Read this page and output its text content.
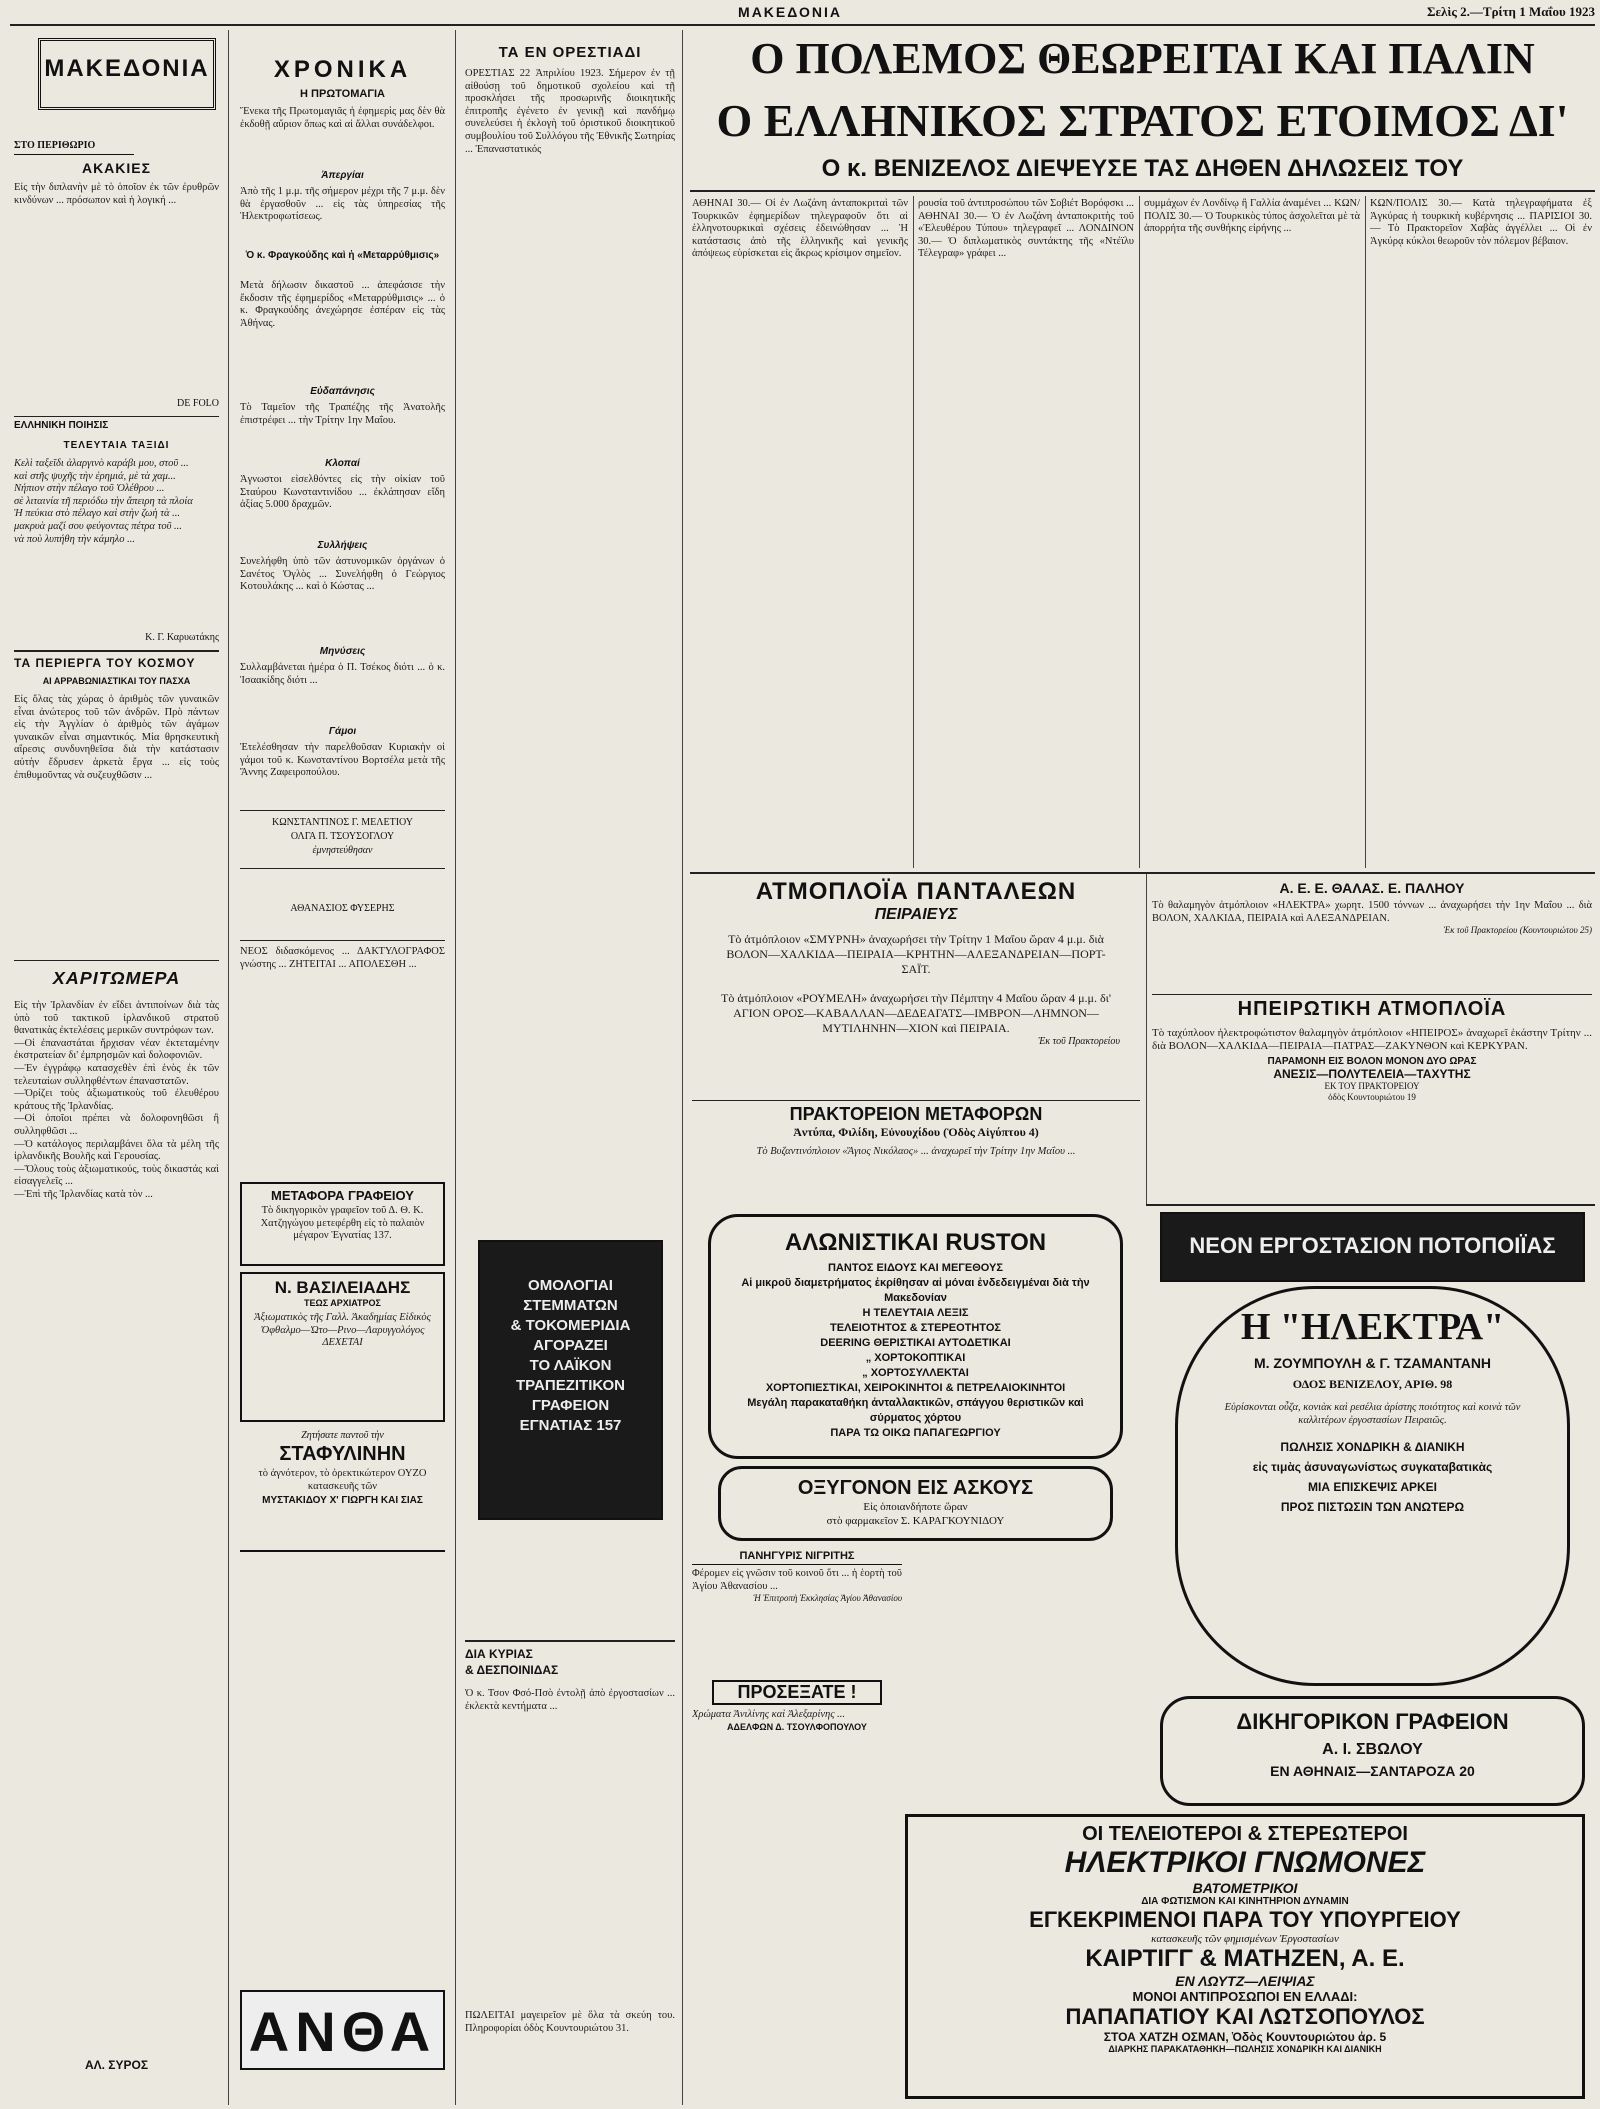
ΜΑΚΕΔΟΝΙΑ	Σελὶς 2.—Τρίτη 1 Μαΐου 1923
ΜΑΚΕΔΟΝΙΑ
ΣΤΟ ΠΕΡΙΘΩΡΙΟ
ΑΚΑΚΙΕΣ
Εἰς τὴν διπλανὴν μὲ τὸ ὁποῖον ἐκ τῶν ἐρυθρῶν κινδύνων ... πρόσωπον καὶ ἡ λογική ...
DE FOLO
ΕΛΛΗΝΙΚΗ ΠΟΙΗΣΙΣ
ΤΕΛΕΥΤΑΙΑ ΤΑΞΙΔΙ
Κελὶ ταξεῖδι ἀλαργινὸ καράβι μου, στοῦ ...
καὶ στῆς ψυχῆς τὴν ἐρημιά, μὲ τὰ χαμ...
Νήπιον στὴν πέλαγο τοῦ Ὁλέθρου ...
σὲ λιταινία τῆ περιόδω τὴν ἄπειρη τὰ πλοία
Ἡ πεύκια στὸ πέλαγο καὶ στὴν ζωὴ τὰ ...
μακρυὰ μαζί σου φεύγοντας πέτρα τοῦ ...
νὰ ποὺ λυπήθη τὴν κάμηλο ...
Κ. Γ. Καρυωτάκης
ΤΑ ΠΕΡΙΕΡΓΑ ΤΟΥ ΚΟΣΜΟΥ
ΑΙ ΑΡΡΑΒΩΝΙΑΣΤΙΚΑΙ ΤΟΥ ΠΑΣΧΑ
Εἰς ὅλας τὰς χώρας ὁ ἀριθμὸς τῶν γυναικῶν εἶναι ἀνώτερος τοῦ τῶν ἀνδρῶν. Πρὸ πάντων εἰς τὴν Ἀγγλίαν ὁ ἀριθμὸς τῶν ἀγάμων γυναικῶν εἶναι σημαντικός. Μία θρησκευτικὴ αἵρεσις συνδυνηθεῖσα διὰ τὴν κατάστασιν αὐτὴν ἔδρυσεν ἀρκετὰ ἔργα ... εἰς τοὺς ἐπιθυμοῦντας νὰ συζευχθῶσιν ...
ΧΑΡΙΤΩΜΕΡΑ
Εἰς τὴν Ἰρλανδίαν ἐν εἴδει ἀντιποίνων διὰ τὰς ὑπὸ τοῦ τακτικοῦ ἰρλανδικοῦ στρατοῦ θανατικὰς ἐκτελέσεις μερικῶν συντρόφων των.
—Οἱ ἐπαναστάται ἤρχισαν νέαν ἐκτεταμένην ἐκστρατείαν δι' ἐμπρησμῶν καὶ δολοφονιῶν.
—Ἐν ἐγγράφῳ κατασχεθὲν ἐπὶ ἑνὸς ἐκ τῶν τελευταίων συλληφθέντων ἐπαναστατῶν.
—Ὀρίζει τοὺς ἀξιωματικοὺς τοῦ ἐλευθέρου κράτους τῆς Ἰρλανδίας.
—Οἱ ὁποῖοι πρέπει νὰ δολοφονηθῶσι ἢ συλληφθῶσι ...
—Ὁ κατάλογος περιλαμβάνει ὅλα τὰ μέλη τῆς ἰρλανδικῆς Βουλῆς καὶ Γερουσίας.
—Ὅλους τοὺς ἀξιωματικούς, τοὺς δικαστάς καὶ εἰσαγγελεῖς ...
—Ἐπὶ τῆς Ἰρλανδίας κατὰ τὸν ...
ΑΛ. ΣΥΡΟΣ
ΧΡΟΝΙΚΑ
Η ΠΡΩΤΟΜΑΓΙΑ
Ἕνεκα τῆς Πρωτομαγιᾶς ἡ ἐφημερὶς μας δὲν θὰ ἐκδοθῇ αὔριον ὅπως καὶ αἱ ἄλλαι συνάδελφοι.
Ἀπεργίαι
Ἀπὸ τῆς 1 μ.μ. τῆς σήμερον μέχρι τῆς 7 μ.μ. δὲν θὰ ἐργασθοῦν ... εἰς τὰς ὑπηρεσίας τῆς Ἡλεκτροφωτίσεως.
Ὁ κ. Φραγκούδης καὶ ἡ «Μεταρρύθμισις»
Μετὰ δήλωσιν δικαστοῦ ... ἀπεφάσισε τὴν ἔκδοσιν τῆς ἐφημερίδος «Μεταρρύθμισις» ... ὁ κ. Φραγκούδης ἀνεχώρησε ἐσπέραν εἰς τὰς Ἀθήνας.
Εὐδαπάνησις
Τὸ Ταμεῖον τῆς Τραπέζης τῆς Ἀνατολῆς ἐπιστρέφει ... τὴν Τρίτην 1ην Μαΐου.
Κλοπαί
Ἀγνωστοι εἰσελθόντες εἰς τὴν οἰκίαν τοῦ Σταύρου Κωνσταντινίδου ... ἐκλάπησαν εἴδη ἀξίας 5.000 δραχμῶν.
Συλλήψεις
Συνελήφθη ὑπὸ τῶν ἀστυνομικῶν ὀργάνων ὁ Σανέτος Ὀγλὸς ... Συνελήφθη ὁ Γεώργιος Κοτουλάκης ... καὶ ὁ Κώστας ...
Μηνύσεις
Συλλαμβάνεται ἡμέρα ὁ Π. Τσέκος διότι ... ὁ κ. Ἰσαακίδης διότι ...
Γάμοι
Ἐτελέσθησαν τὴν παρελθοῦσαν Κυριακὴν οἱ γάμοι τοῦ κ. Κωνσταντίνου Βορτσέλα μετὰ τῆς Ἄννης Ζαφειροπούλου.
ΚΩΝΣΤΑΝΤΙΝΟΣ Γ. ΜΕΛΕΤΙΟΥ
ΟΛΓΑ Π. ΤΣΟΥΣΟΓΛΟΥ
ἐμνηστεύθησαν

ΑΘΑΝΑΣΙΟΣ ΦΥΣΕΡΗΣ

ΝΕΟΣ διδασκόμενος ... ΔΑΚΤΥΛΟΓΡΑΦΟΣ γνώστης ... ΖΗΤΕΙΤΑΙ ... ΑΠΟΛΕΣΘΗ ...
ΜΕΤΑΦΟΡΑ ΓΡΑΦΕΙΟΥ
Τὸ δικηγορικὸν γραφεῖον τοῦ Δ. Θ. Κ. Χατζηγώγου μετεφέρθη εἰς τὸ παλαιὸν μέγαρον Ἐγνατίας 137.
Ν. ΒΑΣΙΛΕΙΑΔΗΣ
ΤΕΩΣ ΑΡΧΙΑΤΡΟΣ
Ἀξιωματικὸς τῆς Γαλλ. Ἀκαδημίας Εἰδικὸς Ὀφθαλμο—Ὠτο—Ρινο—Λαρυγγολόγος
ΔΕΧΕΤΑΙ
Ζητήσατε παντοῦ τὴν
ΣΤΑΦΥΛΙΝΗΝ
τὸ ἀγνότερον, τὸ ὀρεκτικώτερον ΟΥΖΟ κατασκευῆς τῶν
ΜΥΣΤΑΚΙΔΟΥ Χ' ΓΙΩΡΓΗ ΚΑΙ ΣΙΑΣ
ΑΝΘΑ
ΤΑ ΕΝ ΟΡΕΣΤΙΑΔΙ
ΟΡΕΣΤΙΑΣ 22 Ἀπριλίου 1923. Σήμερον ἐν τῇ αἰθούσῃ τοῦ δημοτικοῦ σχολείου καὶ τῇ προσκλήσει τῆς προσωρινῆς διοικητικῆς ἐπιτροπῆς ἐγένετο ἐν γενικῇ καὶ πανδήμῳ συνελεύσει ἡ ἐκλογὴ τοῦ ὀριστικοῦ διοικητικοῦ συμβουλίου τοῦ Συλλόγου τῆς Ἐθνικῆς Σωτηρίας ... Ἐπαναστατικός
ΟΜΟΛΟΓΙΑΙ ΣΤΕΜΜΑΤΩΝ
& ΤΟΚΟΜΕΡΙΔΙΑ
ΑΓΟΡΑΖΕΙ
ΤΟ ΛΑΪΚΟΝ
ΤΡΑΠΕΖΙΤΙΚΟΝ ΓΡΑΦΕΙΟΝ
ΕΓΝΑΤΙΑΣ 157
ΔΙΑ ΚΥΡΙΑΣ
& ΔΕΣΠΟΙΝΙΔΑΣ
Ὁ κ. Τσον Φσό-Πσὸ ἐντολῇ ἀπὸ ἐργοστασίων ... ἐκλεκτὰ κεντήματα ...
ΠΩΛΕΙΤΑΙ μαγειρεῖον μὲ ὅλα τὰ σκεύη του. Πληροφορίαι ὁδὸς Κουντουριώτου 31.
Ο ΠΟΛΕΜΟΣ ΘΕΩΡΕΙΤΑΙ ΚΑΙ ΠΑΛΙΝ
Ο ΕΛΛΗΝΙΚΟΣ ΣΤΡΑΤΟΣ ΕΤΟΙΜΟΣ ΔΙ'
Ο κ. ΒΕΝΙΖΕΛΟΣ ΔΙΕΨΕΥΣΕ ΤΑΣ ΔΗΘΕΝ ΔΗΛΩΣΕΙΣ ΤΟΥ
ΑΘΗΝΑΙ 30.— Οἱ ἐν Λωζάνη ἀνταποκριταὶ τῶν Τουρκικῶν ἐφημερίδων τηλεγραφοῦν ὅτι αἱ ἑλληνοτουρκικαὶ σχέσεις ἐδεινώθησαν ... Ἡ κατάστασις ἀπὸ τῆς ἑλληνικῆς καὶ γενικῆς ἀπόψεως εὑρίσκεται εἰς ἄκρως κρίσιμον σημεῖον.
ρουσία τοῦ ἀντιπροσώπου τῶν Σοβιέτ Βορόφσκι ... ΑΘΗΝΑΙ 30.— Ὁ ἐν Λωζάνη ἀνταποκριτὴς τοῦ «Ἐλευθέρου Τύπου» τηλεγραφεῖ ... ΛΟΝΔΙΝΟΝ 30.— Ὁ διπλωματικὸς συντάκτης τῆς «Ντέϊλυ Τέλεγραφ» γράφει ...
συμμάχων ἐν Λονδίνῳ ἢ Γαλλία ἀναμένει ... ΚΩΝ/ΠΟΛΙΣ 30.— Ὁ Τουρκικὸς τύπος ἀσχολεῖται μὲ τὰ ἀπορρήτα τῆς συνθήκης εἰρήνης ...
ΚΩΝ/ΠΟΛΙΣ 30.— Κατὰ τηλεγραφήματα ἐξ Ἀγκύρας ἡ τουρκικὴ κυβέρνησις ... ΠΑΡΙΣΙΟΙ 30.— Τὸ Πρακτορεῖον Χαβὰς ἀγγέλλει ... Οἱ ἐν Ἀγκύρᾳ κύκλοι θεωροῦν τὸν πόλεμον βέβαιον.
ΑΤΜΟΠΛΟΪΑ ΠΑΝΤΑΛΕΩΝ
ΠΕΙΡΑΙΕΥΣ
Τὸ ἀτμόπλοιον «ΣΜΥΡΝΗ» ἀναχωρήσει τὴν Τρίτην 1 Μαΐου ὥραν 4 μ.μ. διὰ ΒΟΛΟΝ—ΧΑΛΚΙΔΑ—ΠΕΙΡΑΙΑ—ΚΡΗΤΗΝ—ΑΛΕΞΑΝΔΡΕΙΑΝ—ΠΟΡΤ-ΣΑΪΤ.
Τὸ ἀτμόπλοιον «ΡΟΥΜΕΛΗ» ἀναχωρήσει τὴν Πέμπτην 4 Μαΐου ὥραν 4 μ.μ. δι' ΑΓΙΟΝ ΟΡΟΣ—ΚΑΒΑΛΛΑΝ—ΔΕΔΕΑΓΑΤΣ—ΙΜΒΡΟΝ—ΛΗΜΝΟΝ—ΜΥΤΙΛΗΝΗΝ—ΧΙΟΝ καὶ ΠΕΙΡΑΙΑ.
Ἐκ τοῦ Πρακτορείου
ΠΡΑΚΤΟΡΕΙΟΝ ΜΕΤΑΦΟΡΩΝ
Ἀντύπα, Φιλίδη, Εὐνουχίδου (Ὁδὸς Αἰγύπτου 4)
Τὸ Βυζαντινόπλοιον «Ἅγιος Νικόλαος» ... ἀναχωρεῖ τὴν Τρίτην 1ην Μαΐου ...
ΑΛΩΝΙΣΤΙΚΑΙ RUSTON
ΠΑΝΤΟΣ ΕΙΔΟΥΣ ΚΑΙ ΜΕΓΕΘΟΥΣ
Αἱ μικροῦ διαμετρήματος ἐκρίθησαν αἱ μόναι ἐνδεδειγμέναι διὰ τὴν Μακεδονίαν
Η ΤΕΛΕΥΤΑΙΑ ΛΕΞΙΣ
ΤΕΛΕΙΟΤΗΤΟΣ & ΣΤΕΡΕΟΤΗΤΟΣ
DEERING ΘΕΡΙΣΤΙΚΑΙ ΑΥΤΟΔΕΤΙΚΑΙ
„ ΧΟΡΤΟΚΟΠΤΙΚΑΙ
„ ΧΟΡΤΟΣΥΛΛΕΚΤΑΙ
ΧΟΡΤΟΠΙΕΣΤΙΚΑΙ, ΧΕΙΡΟΚΙΝΗΤΟΙ & ΠΕΤΡΕΛΑΙΟΚΙΝΗΤΟΙ
Μεγάλη παρακαταθήκη ἀνταλλακτικῶν, σπάγγου θεριστικῶν καὶ σύρματος χόρτου
ΠΑΡΑ ΤΩ ΟΙΚΩ ΠΑΠΑΓΕΩΡΓΙΟΥ
ΟΞΥΓΟΝΟΝ ΕΙΣ ΑΣΚΟΥΣ
Εἰς ὁποιανδήποτε ὥραν
στὸ φαρμακεῖον Σ. ΚΑΡΑΓΚΟΥΝΙΔΟΥ
ΠΑΝΗΓΥΡΙΣ ΝΙΓΡΙΤΗΣ
Φέρομεν εἰς γνῶσιν τοῦ κοινοῦ ὅτι ... ἡ ἑορτὴ τοῦ Ἁγίου Ἀθανασίου ...
Ἡ Ἐπιτροπὴ Ἐκκλησίας Ἁγίου Ἀθανασίου
ΠΡΟΣΕΞΑΤΕ !
Χρώματα Ἀνιλίνης καὶ Ἀλεξαρίνης ...
ΑΔΕΛΦΩΝ Δ. ΤΣΟΥΛΦΟΠΟΥΛΟΥ
Α. Ε. Ε. ΘΑΛΑΣ. Ε. ΠΑΛΗΟΥ
Τὸ θαλαμηγὸν ἀτμόπλοιον «ΗΛΕΚΤΡΑ» χωρητ. 1500 τόννων ... ἀναχωρήσει τὴν 1ην Μαΐου ... διὰ ΒΟΛΟΝ, ΧΑΛΚΙΔΑ, ΠΕΙΡΑΙΑ καὶ ΑΛΕΞΑΝΔΡΕΙΑΝ.
Ἐκ τοῦ Πρακτορείου (Κουντουριώτου 25)
ΗΠΕΙΡΩΤΙΚΗ ΑΤΜΟΠΛΟΪΑ
Τὸ ταχύπλοον ἠλεκτροφώτιστον θαλαμηγὸν ἀτμόπλοιον «ΗΠΕΙΡΟΣ» ἀναχωρεῖ ἑκάστην Τρίτην ... διὰ ΒΟΛΟΝ—ΧΑΛΚΙΔΑ—ΠΕΙΡΑΙΑ—ΠΑΤΡΑΣ—ΖΑΚΥΝΘΟΝ καὶ ΚΕΡΚΥΡΑΝ.
ΠΑΡΑΜΟΝΗ ΕΙΣ ΒΟΛΟΝ ΜΟΝΟΝ ΔΥΟ ΩΡΑΣ
ΑΝΕΣΙΣ—ΠΟΛΥΤΕΛΕΙΑ—ΤΑΧΥΤΗΣ
ΕΚ ΤΟΥ ΠΡΑΚΤΟΡΕΙΟΥ
ὁδὸς Κουντουριώτου 19
ΝΕΟΝ ΕΡΓΟΣΤΑΣΙΟΝ ΠΟΤΟΠΟΙΪΑΣ
Η "ΗΛΕΚΤΡΑ"
Μ. ΖΟΥΜΠΟΥΛΗ & Γ. ΤΖΑΜΑΝΤΑΝΗ
ΟΔΟΣ ΒΕΝΙΖΕΛΟΥ, ΑΡΙΘ. 98
Εὑρίσκονται οὖζα, κονιὰκ καὶ ρεσέλια ἀρίστης ποιότητος καὶ κοινὰ τῶν καλλιτέρων ἐργοστασίων Πειραιῶς.
ΠΩΛΗΣΙΣ ΧΟΝΔΡΙΚΗ & ΔΙΑΝΙΚΗ
εἰς τιμὰς ἀσυναγωνίστως συγκαταβατικὰς
ΜΙΑ ΕΠΙΣΚΕΨΙΣ ΑΡΚΕΙ
ΠΡΟΣ ΠΙΣΤΩΣΙΝ ΤΩΝ ΑΝΩΤΕΡΩ
ΔΙΚΗΓΟΡΙΚΟΝ ΓΡΑΦΕΙΟΝ
Α. Ι. ΣΒΩΛΟΥ
ΕΝ ΑΘΗΝΑΙΣ—ΣΑΝΤΑΡΟΖΑ 20
ΟΙ ΤΕΛΕΙΟΤΕΡΟΙ & ΣΤΕΡΕΩΤΕΡΟΙ
ΗΛΕΚΤΡΙΚΟΙ ΓΝΩΜΟΝΕΣ
ΒΑΤΟΜΕΤΡΙΚΟΙ
ΔΙΑ ΦΩΤΙΣΜΟΝ ΚΑΙ ΚΙΝΗΤΗΡΙΟΝ ΔΥΝΑΜΙΝ
ΕΓΚΕΚΡΙΜΕΝΟΙ ΠΑΡΑ ΤΟΥ ΥΠΟΥΡΓΕΙΟΥ
κατασκευῆς τῶν φημισμένων Ἐργοστασίων
ΚΑΙΡΤΙΓΓ & ΜΑΤΗΖΕΝ, Α. Ε.
ΕΝ ΛΩΥΤΖ—ΛΕΙΨΙΑΣ
ΜΟΝΟΙ ΑΝΤΙΠΡΟΣΩΠΟΙ ΕΝ ΕΛΛΑΔΙ:
ΠΑΠΑΠΑΤΙΟΥ ΚΑΙ ΛΩΤΣΟΠΟΥΛΟΣ
ΣΤΟΑ ΧΑΤΖΗ ΟΣΜΑΝ, Ὁδὸς Κουντουριώτου ἀρ. 5
ΔΙΑΡΚΗΣ ΠΑΡΑΚΑΤΑΘΗΚΗ—ΠΩΛΗΣΙΣ ΧΟΝΔΡΙΚΗ ΚΑΙ ΔΙΑΝΙΚΗ
